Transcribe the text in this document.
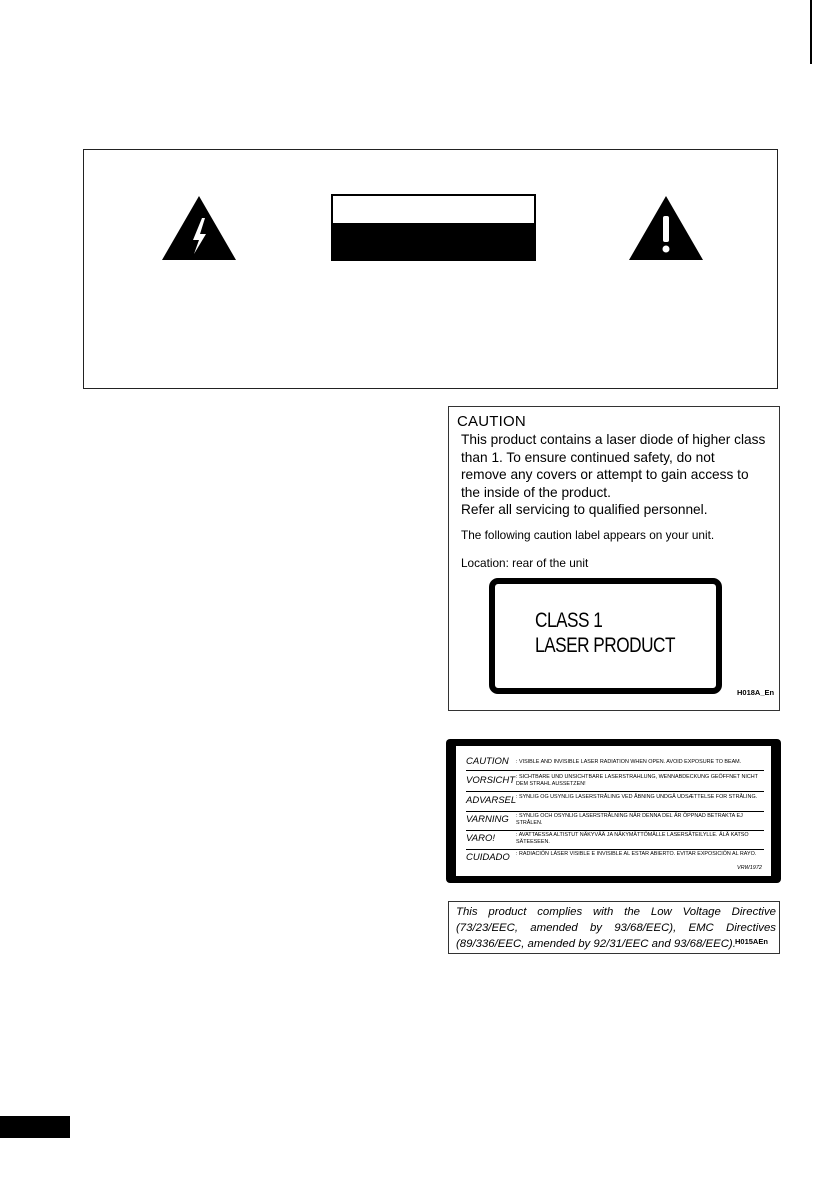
CAUTION
This product contains a laser diode of higher class
than 1. To ensure continued safety, do not
remove any covers or attempt to gain access to
the inside of the product.
Refer all servicing to qualified personnel.
The following caution label appears on your unit.
Location: rear of the unit
CLASS 1
LASER PRODUCT
H018A_En
CAUTION : VISIBLE AND INVISIBLE LASER RADIATION WHEN OPEN. AVOID EXPOSURE TO BEAM.
VORSICHT : SICHTBARE UND UNSICHTBARE LASERSTRAHLUNG, WENNABDECKUNG GEÖFFNET NICHT DEM STRAHL AUSSETZEN!
ADVARSEL : SYNLIG OG USYNLIG LASERSTRÅLING VED ÅBNING UNDGÅ UDSÆTTELSE FOR STRÅLING.
VARNING : SYNLIG OCH OSYNLIG LASERSTRÅLNING NÄR DENNA DEL ÄR ÖPPNAD BETRAKTA EJ STRÅLEN.
VARO!	: AVATTAESSA ALTISTUT NÄKYVÄÄ JA NÄKYMÄTTÖMÄLLE LASERSÄTEILYLLE. ÄLÄ KATSO SÄTEESEEN.
CUIDADO : RADIACIÓN LÁSER VISIBLE E INVISIBLE AL ESTAR ABIERTO. EVITAR EXPOSICIÓN AL RAYO.
VRW1972
This product complies with the Low Voltage Directive (73/23/EEC, amended by 93/68/EEC), EMC Directives (89/336/EEC, amended by 92/31/EEC and 93/68/EEC). H015AEn
